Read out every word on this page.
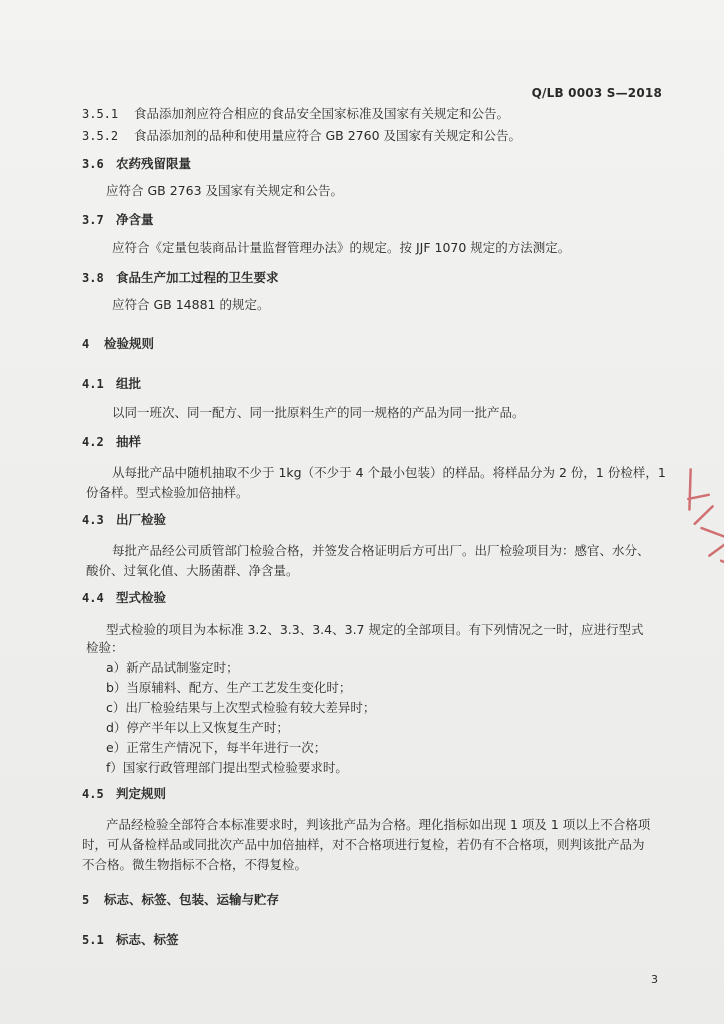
Q/LB 0003 S—2018
3.5.1 食品添加剂应符合相应的食品安全国家标准及国家有关规定和公告。
3.5.2 食品添加剂的品种和使用量应符合 GB 2760 及国家有关规定和公告。
3.6 农药残留限量
应符合 GB 2763 及国家有关规定和公告。
3.7 净含量
应符合《定量包装商品计量监督管理办法》的规定。按 JJF 1070 规定的方法测定。
3.8 食品生产加工过程的卫生要求
应符合 GB 14881 的规定。
4 检验规则
4.1 组批
以同一班次、同一配方、同一批原料生产的同一规格的产品为同一批产品。
4.2 抽样
从每批产品中随机抽取不少于 1kg（不少于 4 个最小包装）的样品。将样品分为 2 份，1 份检样，1
份备样。型式检验加倍抽样。
4.3 出厂检验
每批产品经公司质管部门检验合格，并签发合格证明后方可出厂。出厂检验项目为：感官、水分、
酸价、过氧化值、大肠菌群、净含量。
4.4 型式检验
型式检验的项目为本标准 3.2、3.3、3.4、3.7 规定的全部项目。有下列情况之一时，应进行型式
检验：
a）新产品试制鉴定时；
b）当原辅料、配方、生产工艺发生变化时；
c）出厂检验结果与上次型式检验有较大差异时；
d）停产半年以上又恢复生产时；
e）正常生产情况下，每半年进行一次；
f）国家行政管理部门提出型式检验要求时。
4.5 判定规则
产品经检验全部符合本标准要求时，判该批产品为合格。理化指标如出现 1 项及 1 项以上不合格项
时，可从备检样品或同批次产品中加倍抽样，对不合格项进行复检，若仍有不合格项，则判该批产品为
不合格。微生物指标不合格，不得复检。
5 标志、标签、包装、运输与贮存
5.1 标志、标签
3
